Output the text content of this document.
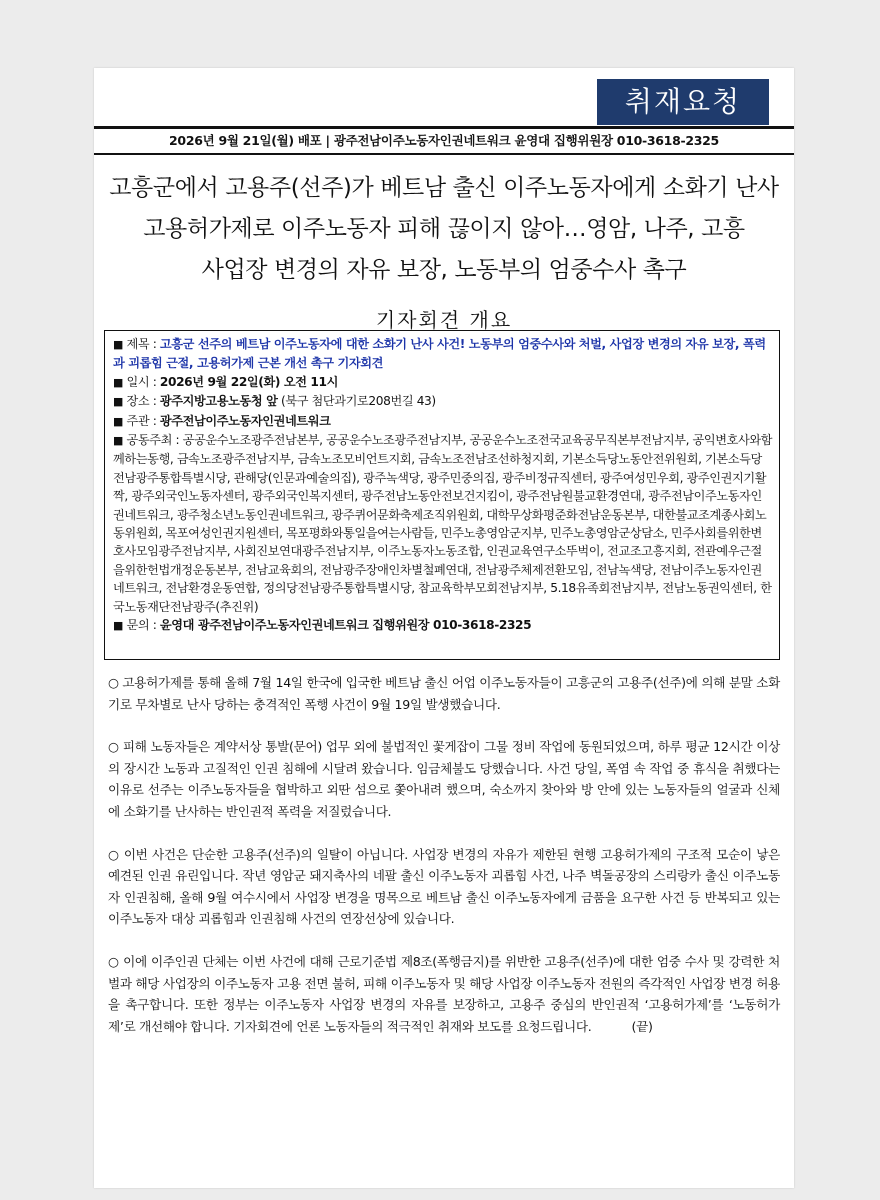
취재요청
2026년 9월 21일(월) 배포 | 광주전남이주노동자인권네트워크 윤영대 집행위원장 010-3618-2325
고흥군에서 고용주(선주)가 베트남 출신 이주노동자에게 소화기 난사
고용허가제로 이주노동자 피해 끊이지 않아…영암, 나주, 고흥
사업장 변경의 자유 보장, 노동부의 엄중수사 촉구
기자회견 개요
■ 제목 : 고흥군 선주의 베트남 이주노동자에 대한 소화기 난사 사건! 노동부의 엄중수사와 처벌, 사업장 변경의 자유 보장, 폭력과 괴롭힘 근절, 고용허가제 근본 개선 촉구 기자회견
■ 일시 : 2026년 9월 22일(화) 오전 11시
■ 장소 : 광주지방고용노동청 앞 (북구 첨단과기로208번길 43)
■ 주관 : 광주전남이주노동자인권네트워크
■ 공동주최 : 공공운수노조광주전남본부, 공공운수노조광주전남지부, 공공운수노조전국교육공무직본부전남지부, 공익변호사와함께하는동행, 금속노조광주전남지부, 금속노조모비언트지회, 금속노조전남조선하청지회, 기본소득당노동안전위원회, 기본소득당전남광주통합특별시당, 관해당(인문과예술의집), 광주녹색당, 광주민중의집, 광주비정규직센터, 광주여성민우회, 광주인권지기활짝, 광주외국인노동자센터, 광주외국인복지센터, 광주전남노동안전보건지킴이, 광주전남원불교환경연대, 광주전남이주노동자인권네트워크, 광주청소년노동인권네트워크, 광주퀴어문화축제조직위원회, 대학무상화평준화전남운동본부, 대한불교조계종사회노동위원회, 목포여성인권지원센터, 목포평화와통일을여는사람들, 민주노총영암군지부, 민주노총영암군상담소, 민주사회를위한변호사모임광주전남지부, 사회진보연대광주전남지부, 이주노동자노동조합, 인권교육연구소뚜벅이, 전교조고흥지회, 전관예우근절을위한헌법개정운동본부, 전남교육회의, 전남광주장애인차별철폐연대, 전남광주체제전환모임, 전남녹색당, 전남이주노동자인권네트워크, 전남환경운동연합, 정의당전남광주통합특별시당, 참교육학부모회전남지부, 5.18유족회전남지부, 전남노동권익센터, 한국노동재단전남광주(추진위)
■ 문의 : 윤영대 광주전남이주노동자인권네트워크 집행위원장 010-3618-2325

○ 고용허가제를 통해 올해 7월 14일 한국에 입국한 베트남 출신 어업 이주노동자들이 고흥군의 고용주(선주)에 의해 분말 소화기로 무차별로 난사 당하는 충격적인 폭행 사건이 9월 19일 발생했습니다.

○ 피해 노동자들은 계약서상 통발(문어) 업무 외에 불법적인 꽃게잡이 그물 정비 작업에 동원되었으며, 하루 평균 12시간 이상의 장시간 노동과 고질적인 인권 침해에 시달려 왔습니다. 임금체불도 당했습니다. 사건 당일, 폭염 속 작업 중 휴식을 취했다는 이유로 선주는 이주노동자들을 협박하고 외딴 섬으로 쫓아내려 했으며, 숙소까지 찾아와 방 안에 있는 노동자들의 얼굴과 신체에 소화기를 난사하는 반인권적 폭력을 저질렀습니다.

○ 이번 사건은 단순한 고용주(선주)의 일탈이 아닙니다. 사업장 변경의 자유가 제한된 현행 고용허가제의 구조적 모순이 낳은 예견된 인권 유린입니다. 작년 영암군 돼지축사의 네팔 출신 이주노동자 괴롭힘 사건, 나주 벽돌공장의 스리랑카 출신 이주노동자 인권침해, 올해 9월 여수시에서 사업장 변경을 명목으로 베트남 출신 이주노동자에게 금품을 요구한 사건 등 반복되고 있는 이주노동자 대상 괴롭힘과 인권침해 사건의 연장선상에 있습니다.

○ 이에 이주인권 단체는 이번 사건에 대해 근로기준법 제8조(폭행금지)를 위반한 고용주(선주)에 대한 엄중 수사 및 강력한 처벌과 해당 사업장의 이주노동자 고용 전면 불허, 피해 이주노동자 및 해당 사업장 이주노동자 전원의 즉각적인 사업장 변경 허용을 촉구합니다. 또한 정부는 이주노동자 사업장 변경의 자유를 보장하고, 고용주 중심의 반인권적 ‘고용허가제’를 ‘노동허가제’로 개선해야 합니다. 기자회견에 언론 노동자들의 적극적인 취재와 보도를 요청드립니다.	(끝)
